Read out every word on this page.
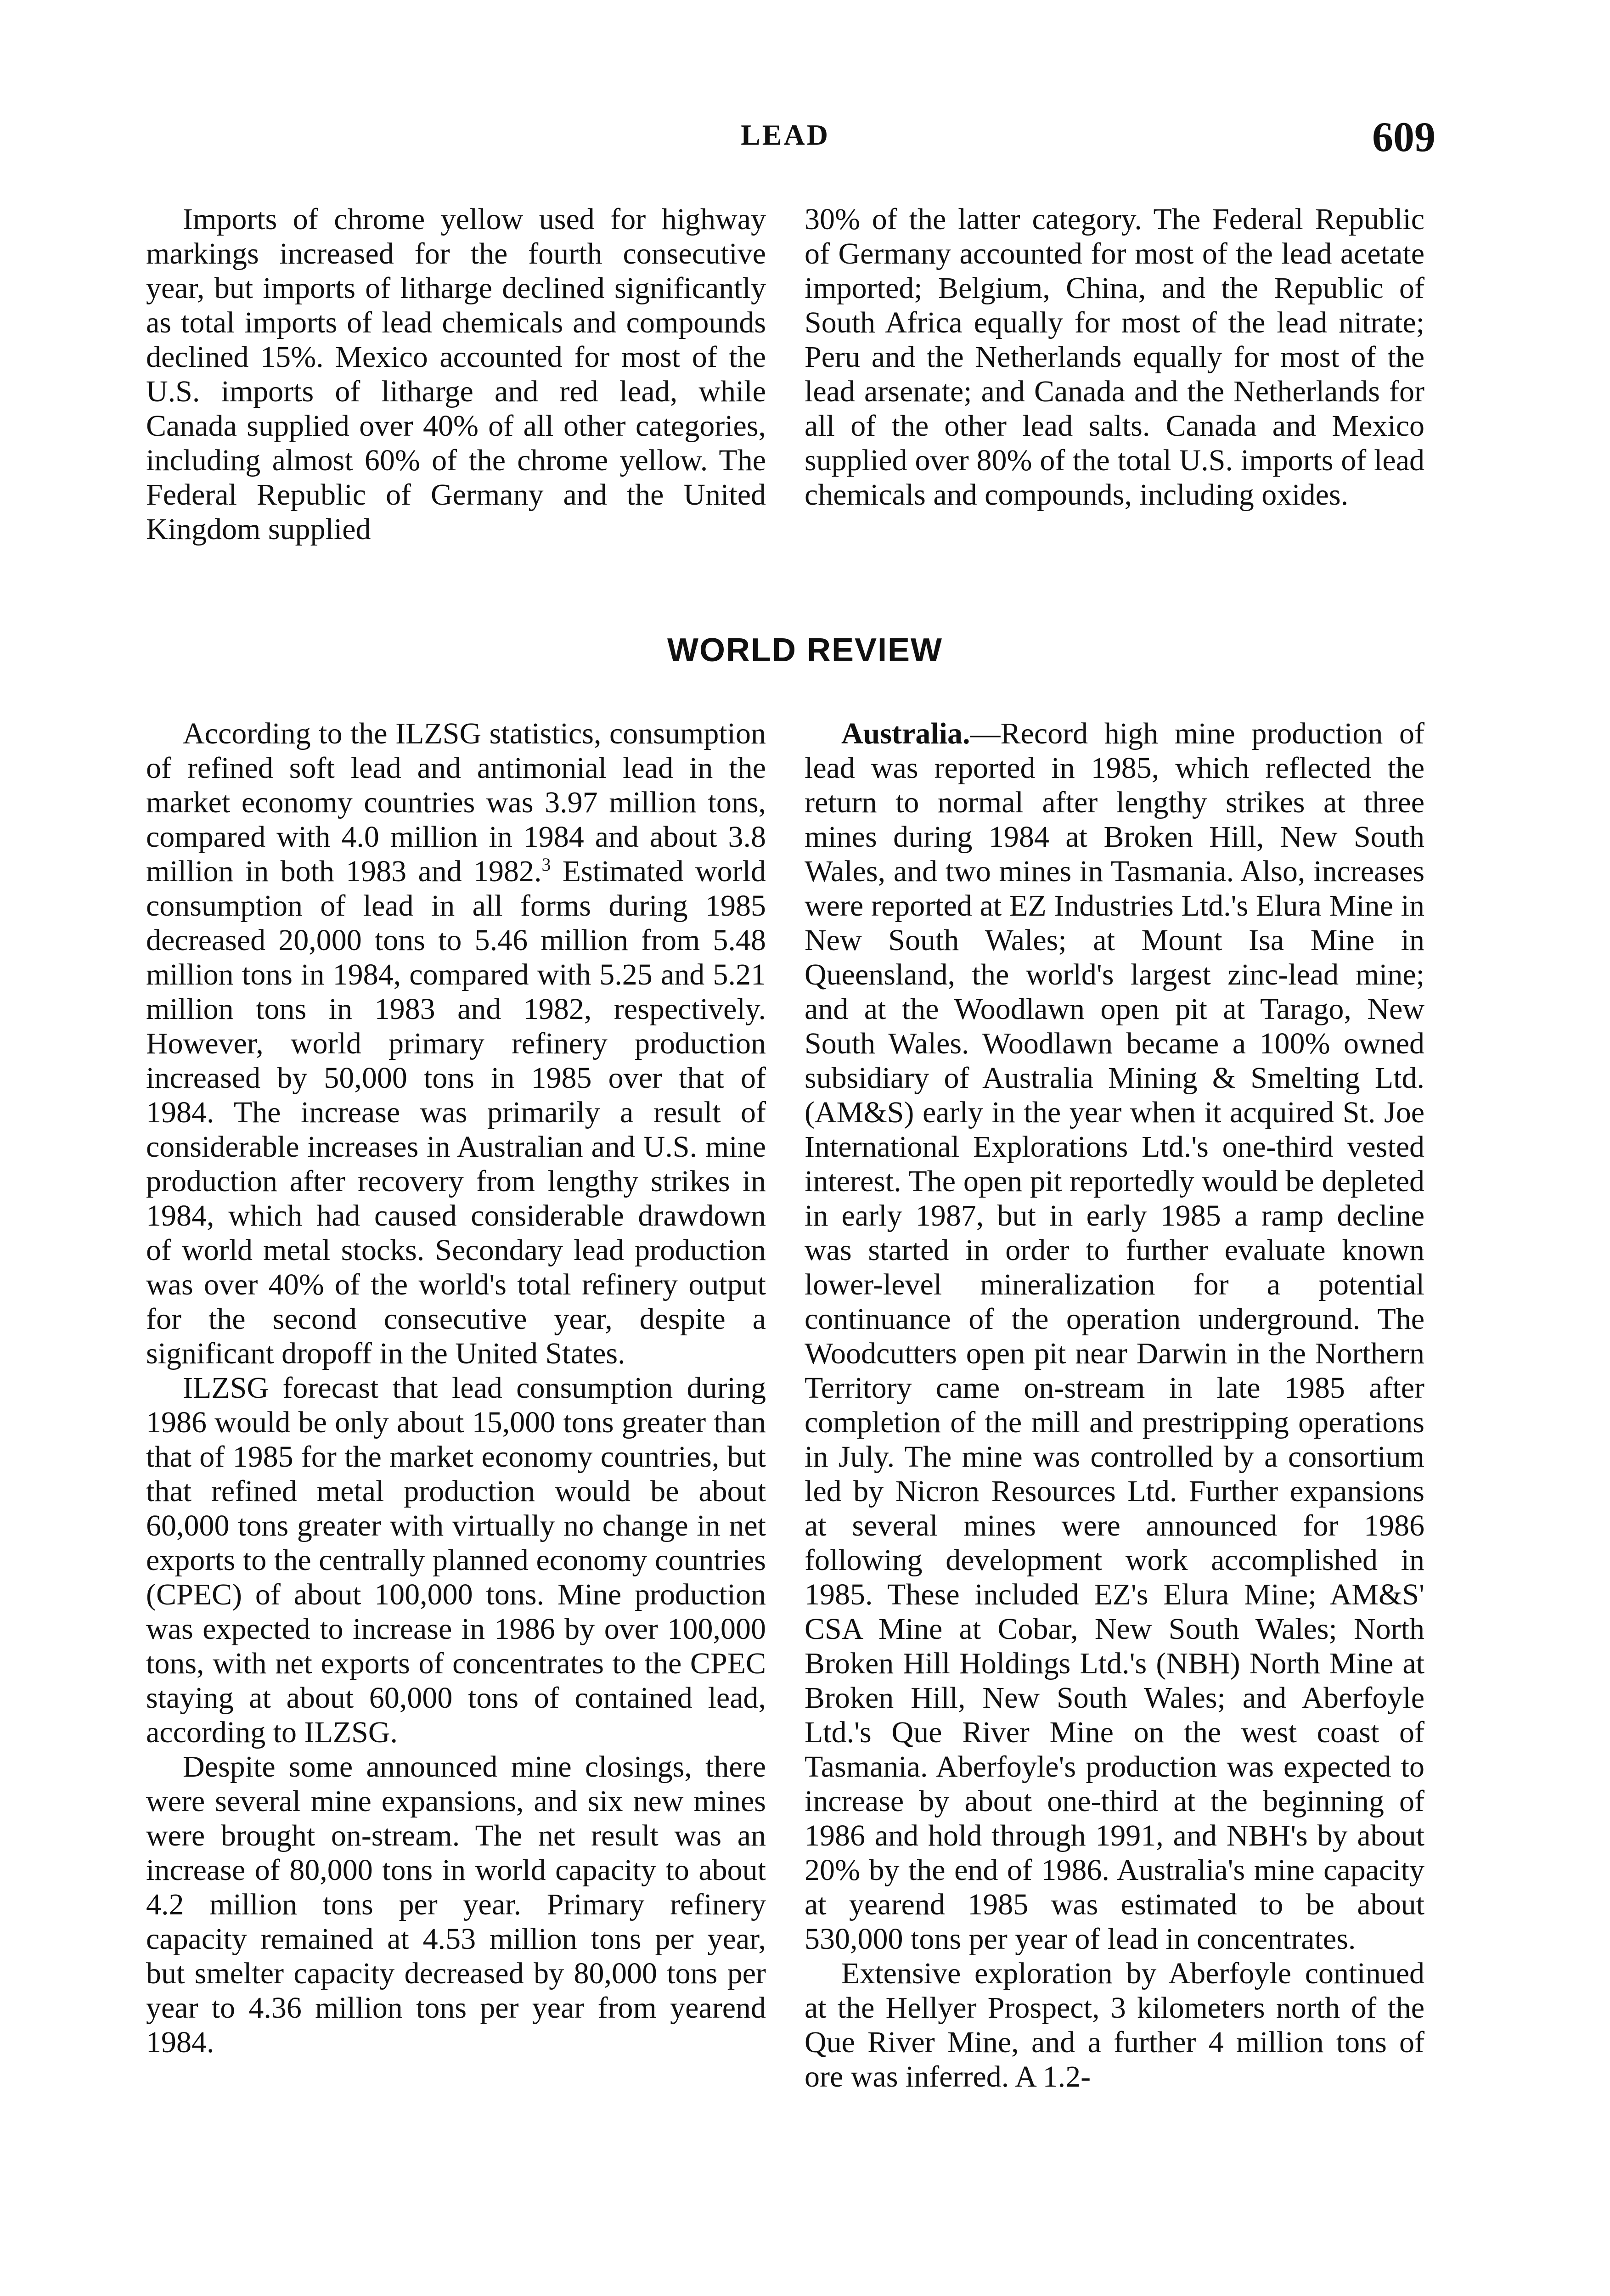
LEAD	609

Imports of chrome yellow used for highway markings increased for the fourth consecutive year, but imports of litharge declined significantly as total imports of lead chemicals and compounds declined 15%. Mexico accounted for most of the U.S. imports of litharge and red lead, while Canada supplied over 40% of all other categories, including almost 60% of the chrome yellow. The Federal Republic of Germany and the United Kingdom supplied

30% of the latter category. The Federal Republic of Germany accounted for most of the lead acetate imported; Belgium, China, and the Republic of South Africa equally for most of the lead nitrate; Peru and the Netherlands equally for most of the lead arsenate; and Canada and the Netherlands for all of the other lead salts. Canada and Mexico supplied over 80% of the total U.S. imports of lead chemicals and compounds, including oxides.

WORLD REVIEW

According to the ILZSG statistics, consumption of refined soft lead and antimonial lead in the market economy countries was 3.97 million tons, compared with 4.0 million in 1984 and about 3.8 million in both 1983 and 1982.$^3$ Estimated world consumption of lead in all forms during 1985 decreased 20,000 tons to 5.46 million from 5.48 million tons in 1984, compared with 5.25 and 5.21 million tons in 1983 and 1982, respectively. However, world primary refinery production increased by 50,000 tons in 1985 over that of 1984. The increase was primarily a result of considerable increases in Australian and U.S. mine production after recovery from lengthy strikes in 1984, which had caused considerable drawdown of world metal stocks. Secondary lead production was over 40% of the world's total refinery output for the second consecutive year, despite a significant dropoff in the United States.

ILZSG forecast that lead consumption during 1986 would be only about 15,000 tons greater than that of 1985 for the market economy countries, but that refined metal production would be about 60,000 tons greater with virtually no change in net exports to the centrally planned economy countries (CPEC) of about 100,000 tons. Mine production was expected to increase in 1986 by over 100,000 tons, with net exports of concentrates to the CPEC staying at about 60,000 tons of contained lead, according to ILZSG.

Despite some announced mine closings, there were several mine expansions, and six new mines were brought on-stream. The net result was an increase of 80,000 tons in world capacity to about 4.2 million tons per year. Primary refinery capacity remained at 4.53 million tons per year, but smelter capacity decreased by 80,000 tons per year to 4.36 million tons per year from yearend 1984.

Australia.—Record high mine production of lead was reported in 1985, which reflected the return to normal after lengthy strikes at three mines during 1984 at Broken Hill, New South Wales, and two mines in Tasmania. Also, increases were reported at EZ Industries Ltd.'s Elura Mine in New South Wales; at Mount Isa Mine in Queensland, the world's largest zinc-lead mine; and at the Woodlawn open pit at Tarago, New South Wales. Woodlawn became a 100% owned subsidiary of Australia Mining & Smelting Ltd. (AM&S) early in the year when it acquired St. Joe International Explorations Ltd.'s one-third vested interest. The open pit reportedly would be depleted in early 1987, but in early 1985 a ramp decline was started in order to further evaluate known lower-level mineralization for a potential continuance of the operation underground. The Woodcutters open pit near Darwin in the Northern Territory came on-stream in late 1985 after completion of the mill and prestripping operations in July. The mine was controlled by a consortium led by Nicron Resources Ltd. Further expansions at several mines were announced for 1986 following development work accomplished in 1985. These included EZ's Elura Mine; AM&S' CSA Mine at Cobar, New South Wales; North Broken Hill Holdings Ltd.'s (NBH) North Mine at Broken Hill, New South Wales; and Aberfoyle Ltd.'s Que River Mine on the west coast of Tasmania. Aberfoyle's production was expected to increase by about one-third at the beginning of 1986 and hold through 1991, and NBH's by about 20% by the end of 1986. Australia's mine capacity at yearend 1985 was estimated to be about 530,000 tons per year of lead in concentrates.

Extensive exploration by Aberfoyle continued at the Hellyer Prospect, 3 kilometers north of the Que River Mine, and a further 4 million tons of ore was inferred. A 1.2-
